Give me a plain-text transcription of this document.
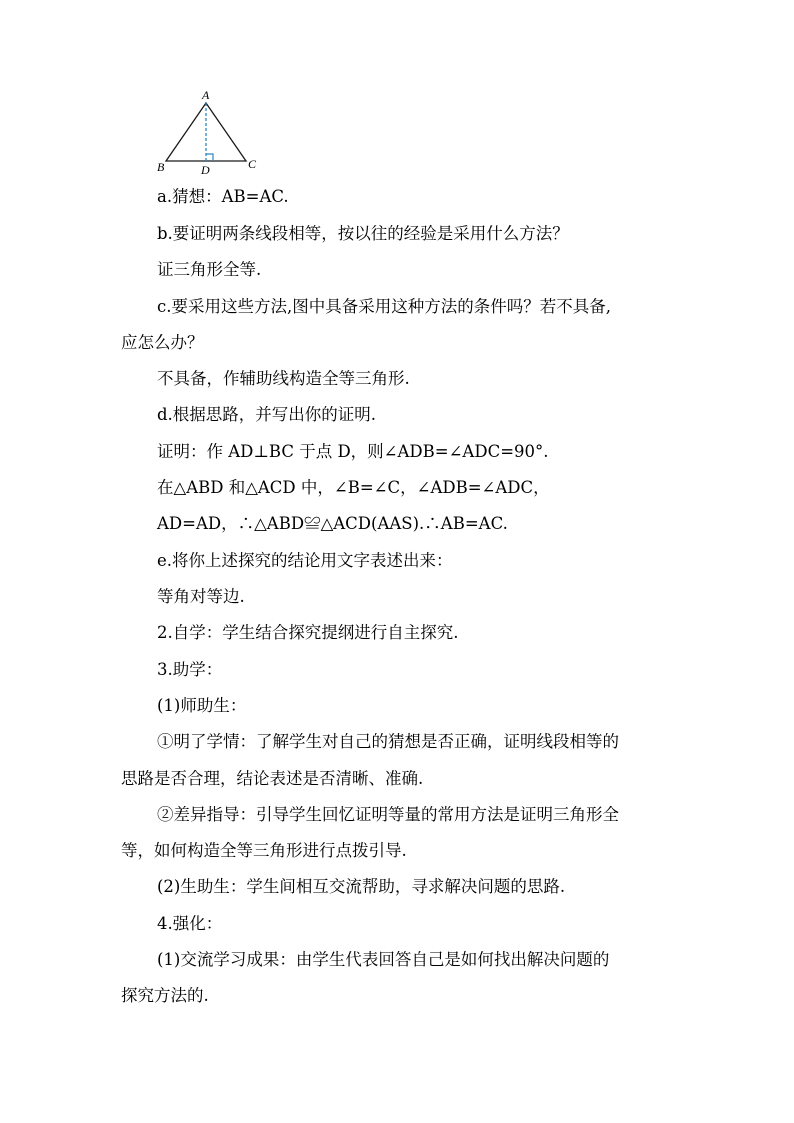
A
B	C
D
a.猜想：AB=AC.
b.要证明两条线段相等，按以往的经验是采用什么方法？
证三角形全等.
c.要采用这些方法,图中具备采用这种方法的条件吗？若不具备,
应怎么办？
不具备，作辅助线构造全等三角形.
d.根据思路，并写出你的证明.
证明：作 AD⊥BC 于点 D，则∠ADB=∠ADC=90°.
在△ABD 和△ACD 中，∠B=∠C，∠ADB=∠ADC，
AD=AD，∴△ABD≌△ACD(AAS).∴AB=AC.
e.将你上述探究的结论用文字表述出来：
等角对等边.
2.自学：学生结合探究提纲进行自主探究.
3.助学：
(1)师助生：
①明了学情：了解学生对自己的猜想是否正确，证明线段相等的
思路是否合理，结论表述是否清晰、准确.
②差异指导：引导学生回忆证明等量的常用方法是证明三角形全
等，如何构造全等三角形进行点拨引导.
(2)生助生：学生间相互交流帮助，寻求解决问题的思路.
4.强化：
(1)交流学习成果：由学生代表回答自己是如何找出解决问题的
探究方法的.
